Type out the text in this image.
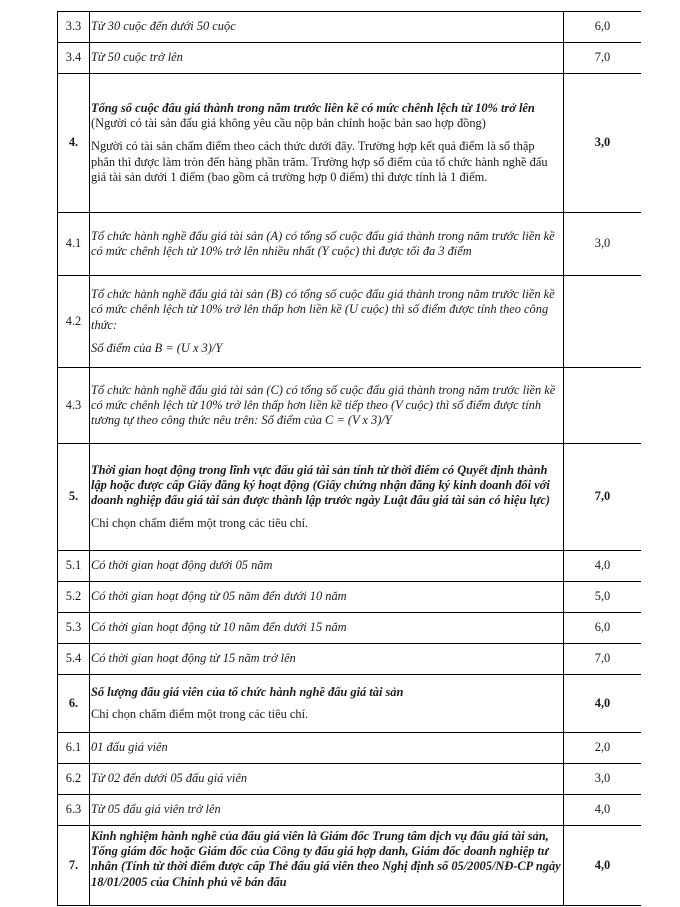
3.3	Từ 30 cuộc đến dưới 50 cuộc	6,0
3.4	Từ 50 cuộc trở lên	7,0
4.	Tổng số cuộc đấu giá thành trong năm trước liền kề có mức chênh lệch từ 10% trở lên (Người có tài sản đấu giá không yêu cầu nộp bản chính hoặc bản sao hợp đồng)

Người có tài sản chấm điểm theo cách thức dưới đây. Trường hợp kết quả điểm là số thập phân thì được làm tròn đến hàng phần trăm. Trường hợp số điểm của tổ chức hành nghề đấu giá tài sản dưới 1 điểm (bao gồm cả trường hợp 0 điểm) thì được tính là 1 điểm.	3,0
4.1	Tổ chức hành nghề đấu giá tài sản (A) có tổng số cuộc đấu giá thành trong năm trước liền kề có mức chênh lệch từ 10% trở lên nhiều nhất (Y cuộc) thì được tối đa 3 điểm	3,0
4.2	Tổ chức hành nghề đấu giá tài sản (B) có tổng số cuộc đấu giá thành trong năm trước liền kề có mức chênh lệch từ 10% trở lên thấp hơn liền kề (U cuộc) thì số điểm được tính theo công thức:

Số điểm của B = (U x 3)/Y	

4.3	Tổ chức hành nghề đấu giá tài sản (C) có tổng số cuộc đấu giá thành trong năm trước liền kề có mức chênh lệch từ 10% trở lên thấp hơn liền kề tiếp theo (V cuộc) thì số điểm được tính tương tự theo công thức nêu trên: Số điểm của C = (V x 3)/Y	
5.	Thời gian hoạt động trong lĩnh vực đấu giá tài sản tính từ thời điểm có Quyết định thành lập hoặc được cấp Giấy đăng ký hoạt động (Giấy chứng nhận đăng ký kinh doanh đối với doanh nghiệp đấu giá tài sản được thành lập trước ngày Luật đấu giá tài sản có hiệu lực)

Chỉ chọn chấm điểm một trong các tiêu chí.	7,0
5.1	Có thời gian hoạt động dưới 05 năm	4,0
5.2	Có thời gian hoạt động từ 05 năm đến dưới 10 năm	5,0
5.3	Có thời gian hoạt động từ 10 năm đến dưới 15 năm	6,0
5.4	Có thời gian hoạt động từ 15 năm trở lên	7,0
6.	Số lượng đấu giá viên của tổ chức hành nghề đấu giá tài sản

Chỉ chọn chấm điểm một trong các tiêu chí.	4,0
6.1	01 đấu giá viên	2,0
6.2	Từ 02 đến dưới 05 đấu giá viên	3,0
6.3	Từ 05 đấu giá viên trở lên	4,0
7.	Kinh nghiệm hành nghề của đấu giá viên là Giám đốc Trung tâm dịch vụ đấu giá tài sản, Tổng giám đốc hoặc Giám đốc của Công ty đấu giá hợp danh, Giám đốc doanh nghiệp tư nhân (Tính từ thời điểm được cấp Thẻ đấu giá viên theo Nghị định số 05/2005/NĐ-CP ngày 18/01/2005 của Chính phủ về bán đấu	4,0
